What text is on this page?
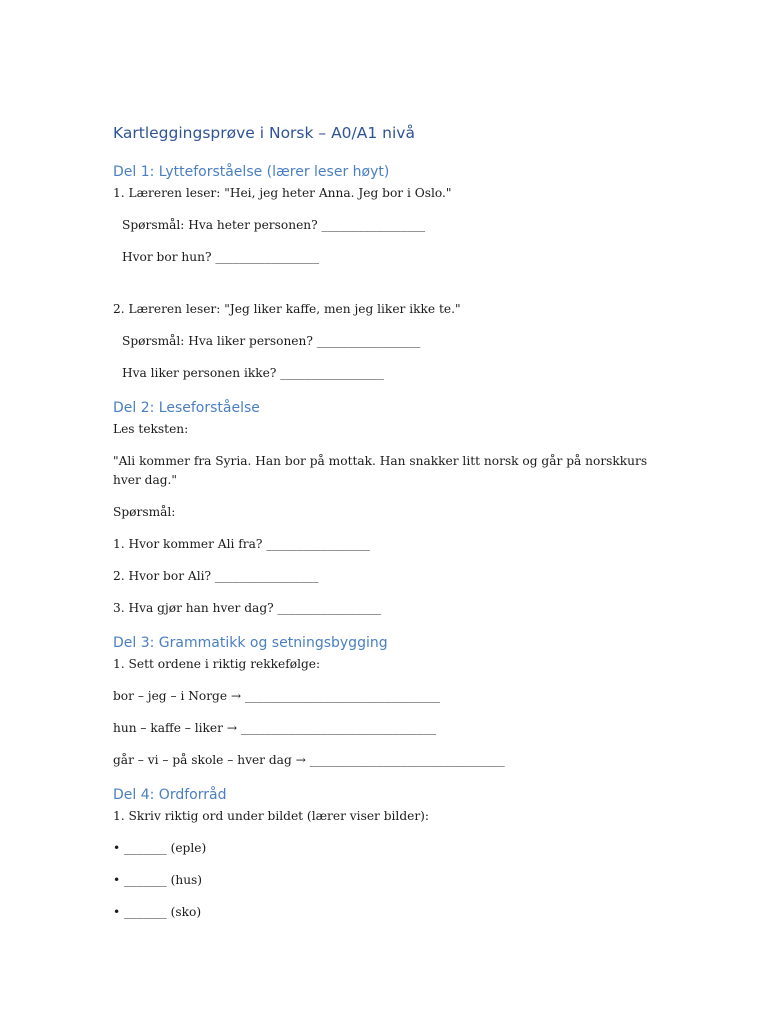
Kartleggingsprøve i Norsk – A0/A1 nivå
Del 1: Lytteforståelse (lærer leser høyt)

1. Læreren leser: "Hei, jeg heter Anna. Jeg bor i Oslo."

Spørsmål: Hva heter personen? _________________

Hvor bor hun? _________________

2. Læreren leser: "Jeg liker kaffe, men jeg liker ikke te."

Spørsmål: Hva liker personen? _________________

Hva liker personen ikke? _________________

Del 2: Leseforståelse

Les teksten:

"Ali kommer fra Syria. Han bor på mottak. Han snakker litt norsk og går på norskkurs hver dag."

Spørsmål:

1. Hvor kommer Ali fra? _________________

2. Hvor bor Ali? _________________

3. Hva gjør han hver dag? _________________

Del 3: Grammatikk og setningsbygging

1. Sett ordene i riktig rekkefølge:

bor – jeg – i Norge → ________________________________

hun – kaffe – liker → ________________________________

går – vi – på skole – hver dag → ________________________________

Del 4: Ordforråd

1. Skriv riktig ord under bildet (lærer viser bilder):

• _______ (eple)

• _______ (hus)

• _______ (sko)
